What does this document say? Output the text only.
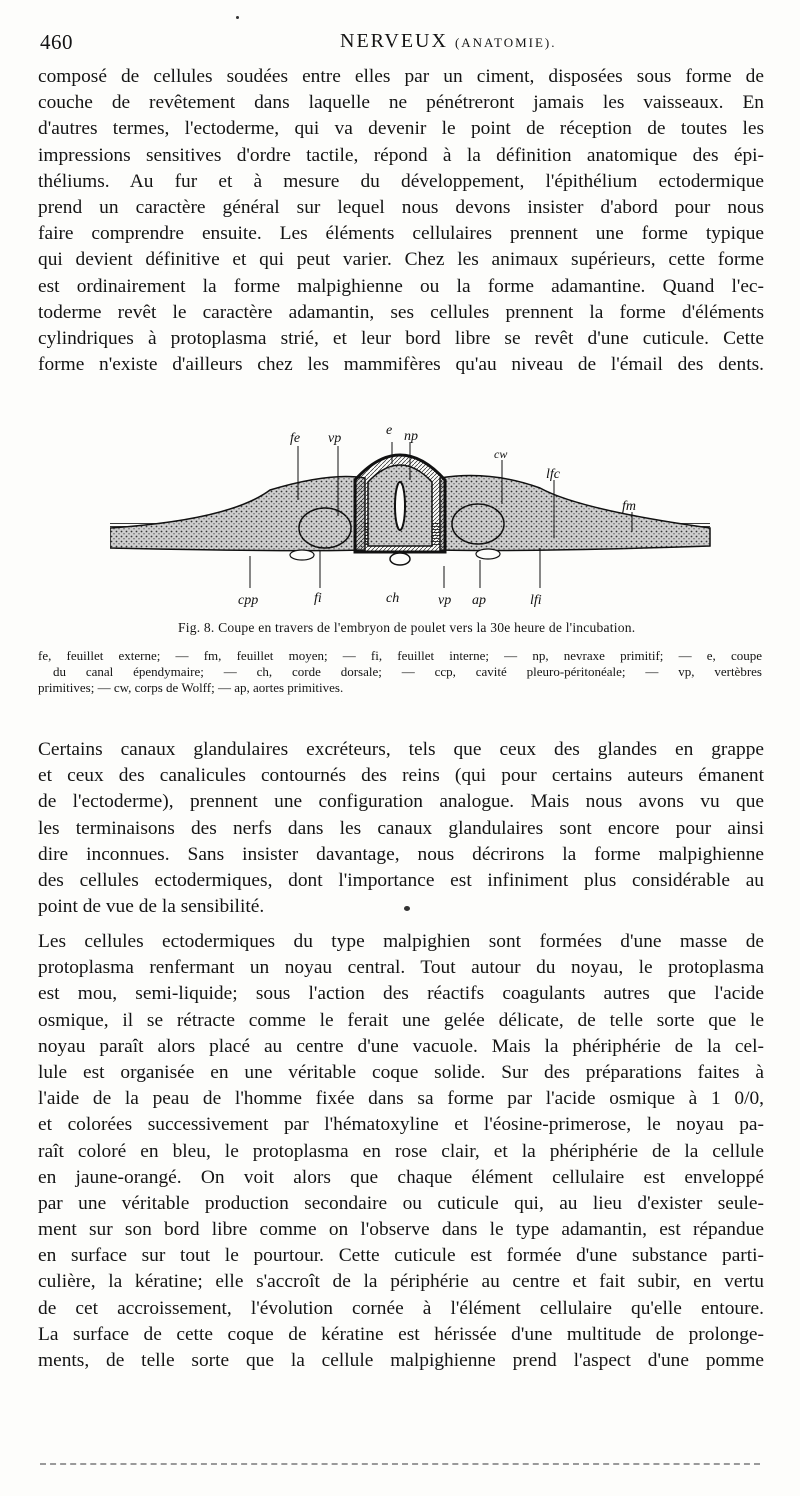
460	NERVEUX (ANATOMIE).
composé de cellules soudées entre elles par un ciment, disposées sous forme de
couche de revêtement dans laquelle ne pénétreront jamais les vaisseaux. En
d'autres termes, l'ectoderme, qui va devenir le point de réception de toutes les
impressions sensitives d'ordre tactile, répond à la définition anatomique des épi-
théliums. Au fur et à mesure du développement, l'épithélium ectodermique
prend un caractère général sur lequel nous devons insister d'abord pour nous
faire comprendre ensuite. Les éléments cellulaires prennent une forme typique
qui devient définitive et qui peut varier. Chez les animaux supérieurs, cette forme
est ordinairement la forme malpighienne ou la forme adamantine. Quand l'ec-
toderme revêt le caractère adamantin, ses cellules prennent la forme d'éléments
cylindriques à protoplasma strié, et leur bord libre se revêt d'une cuticule. Cette
forme n'existe d'ailleurs chez les mammifères qu'au niveau de l'émail des dents.
fe vp
e np
cw
lfc
fm
cpp	fi	ch	vp ap	lfi
Fig. 8. Coupe en travers de l'embryon de poulet vers la 30e heure de l'incubation.
fe, feuillet externe; — fm, feuillet moyen; — fi, feuillet interne; — np, nevraxe primitif; — e, coupe
du canal épendymaire; — ch, corde dorsale; — ccp, cavité pleuro-péritonéale; — vp, vertèbres
primitives; — cw, corps de Wolff; — ap, aortes primitives.
Certains canaux glandulaires excréteurs, tels que ceux des glandes en grappe
et ceux des canalicules contournés des reins (qui pour certains auteurs émanent
de l'ectoderme), prennent une configuration analogue. Mais nous avons vu que
les terminaisons des nerfs dans les canaux glandulaires sont encore pour ainsi
dire inconnues. Sans insister davantage, nous décrirons la forme malpighienne
des cellules ectodermiques, dont l'importance est infiniment plus considérable au
point de vue de la sensibilité.
Les cellules ectodermiques du type malpighien sont formées d'une masse de
protoplasma renfermant un noyau central. Tout autour du noyau, le protoplasma
est mou, semi-liquide; sous l'action des réactifs coagulants autres que l'acide
osmique, il se rétracte comme le ferait une gelée délicate, de telle sorte que le
noyau paraît alors placé au centre d'une vacuole. Mais la phériphérie de la cel-
lule est organisée en une véritable coque solide. Sur des préparations faites à
l'aide de la peau de l'homme fixée dans sa forme par l'acide osmique à 1 0/0,
et colorées successivement par l'hématoxyline et l'éosine-primerose, le noyau pa-
raît coloré en bleu, le protoplasma en rose clair, et la phériphérie de la cellule
en jaune-orangé. On voit alors que chaque élément cellulaire est enveloppé
par une véritable production secondaire ou cuticule qui, au lieu d'exister seule-
ment sur son bord libre comme on l'observe dans le type adamantin, est répandue
en surface sur tout le pourtour. Cette cuticule est formée d'une substance parti-
culière, la kératine; elle s'accroît de la périphérie au centre et fait subir, en vertu
de cet accroissement, l'évolution cornée à l'élément cellulaire qu'elle entoure.
La surface de cette coque de kératine est hérissée d'une multitude de prolonge-
ments, de telle sorte que la cellule malpighienne prend l'aspect d'une pomme
